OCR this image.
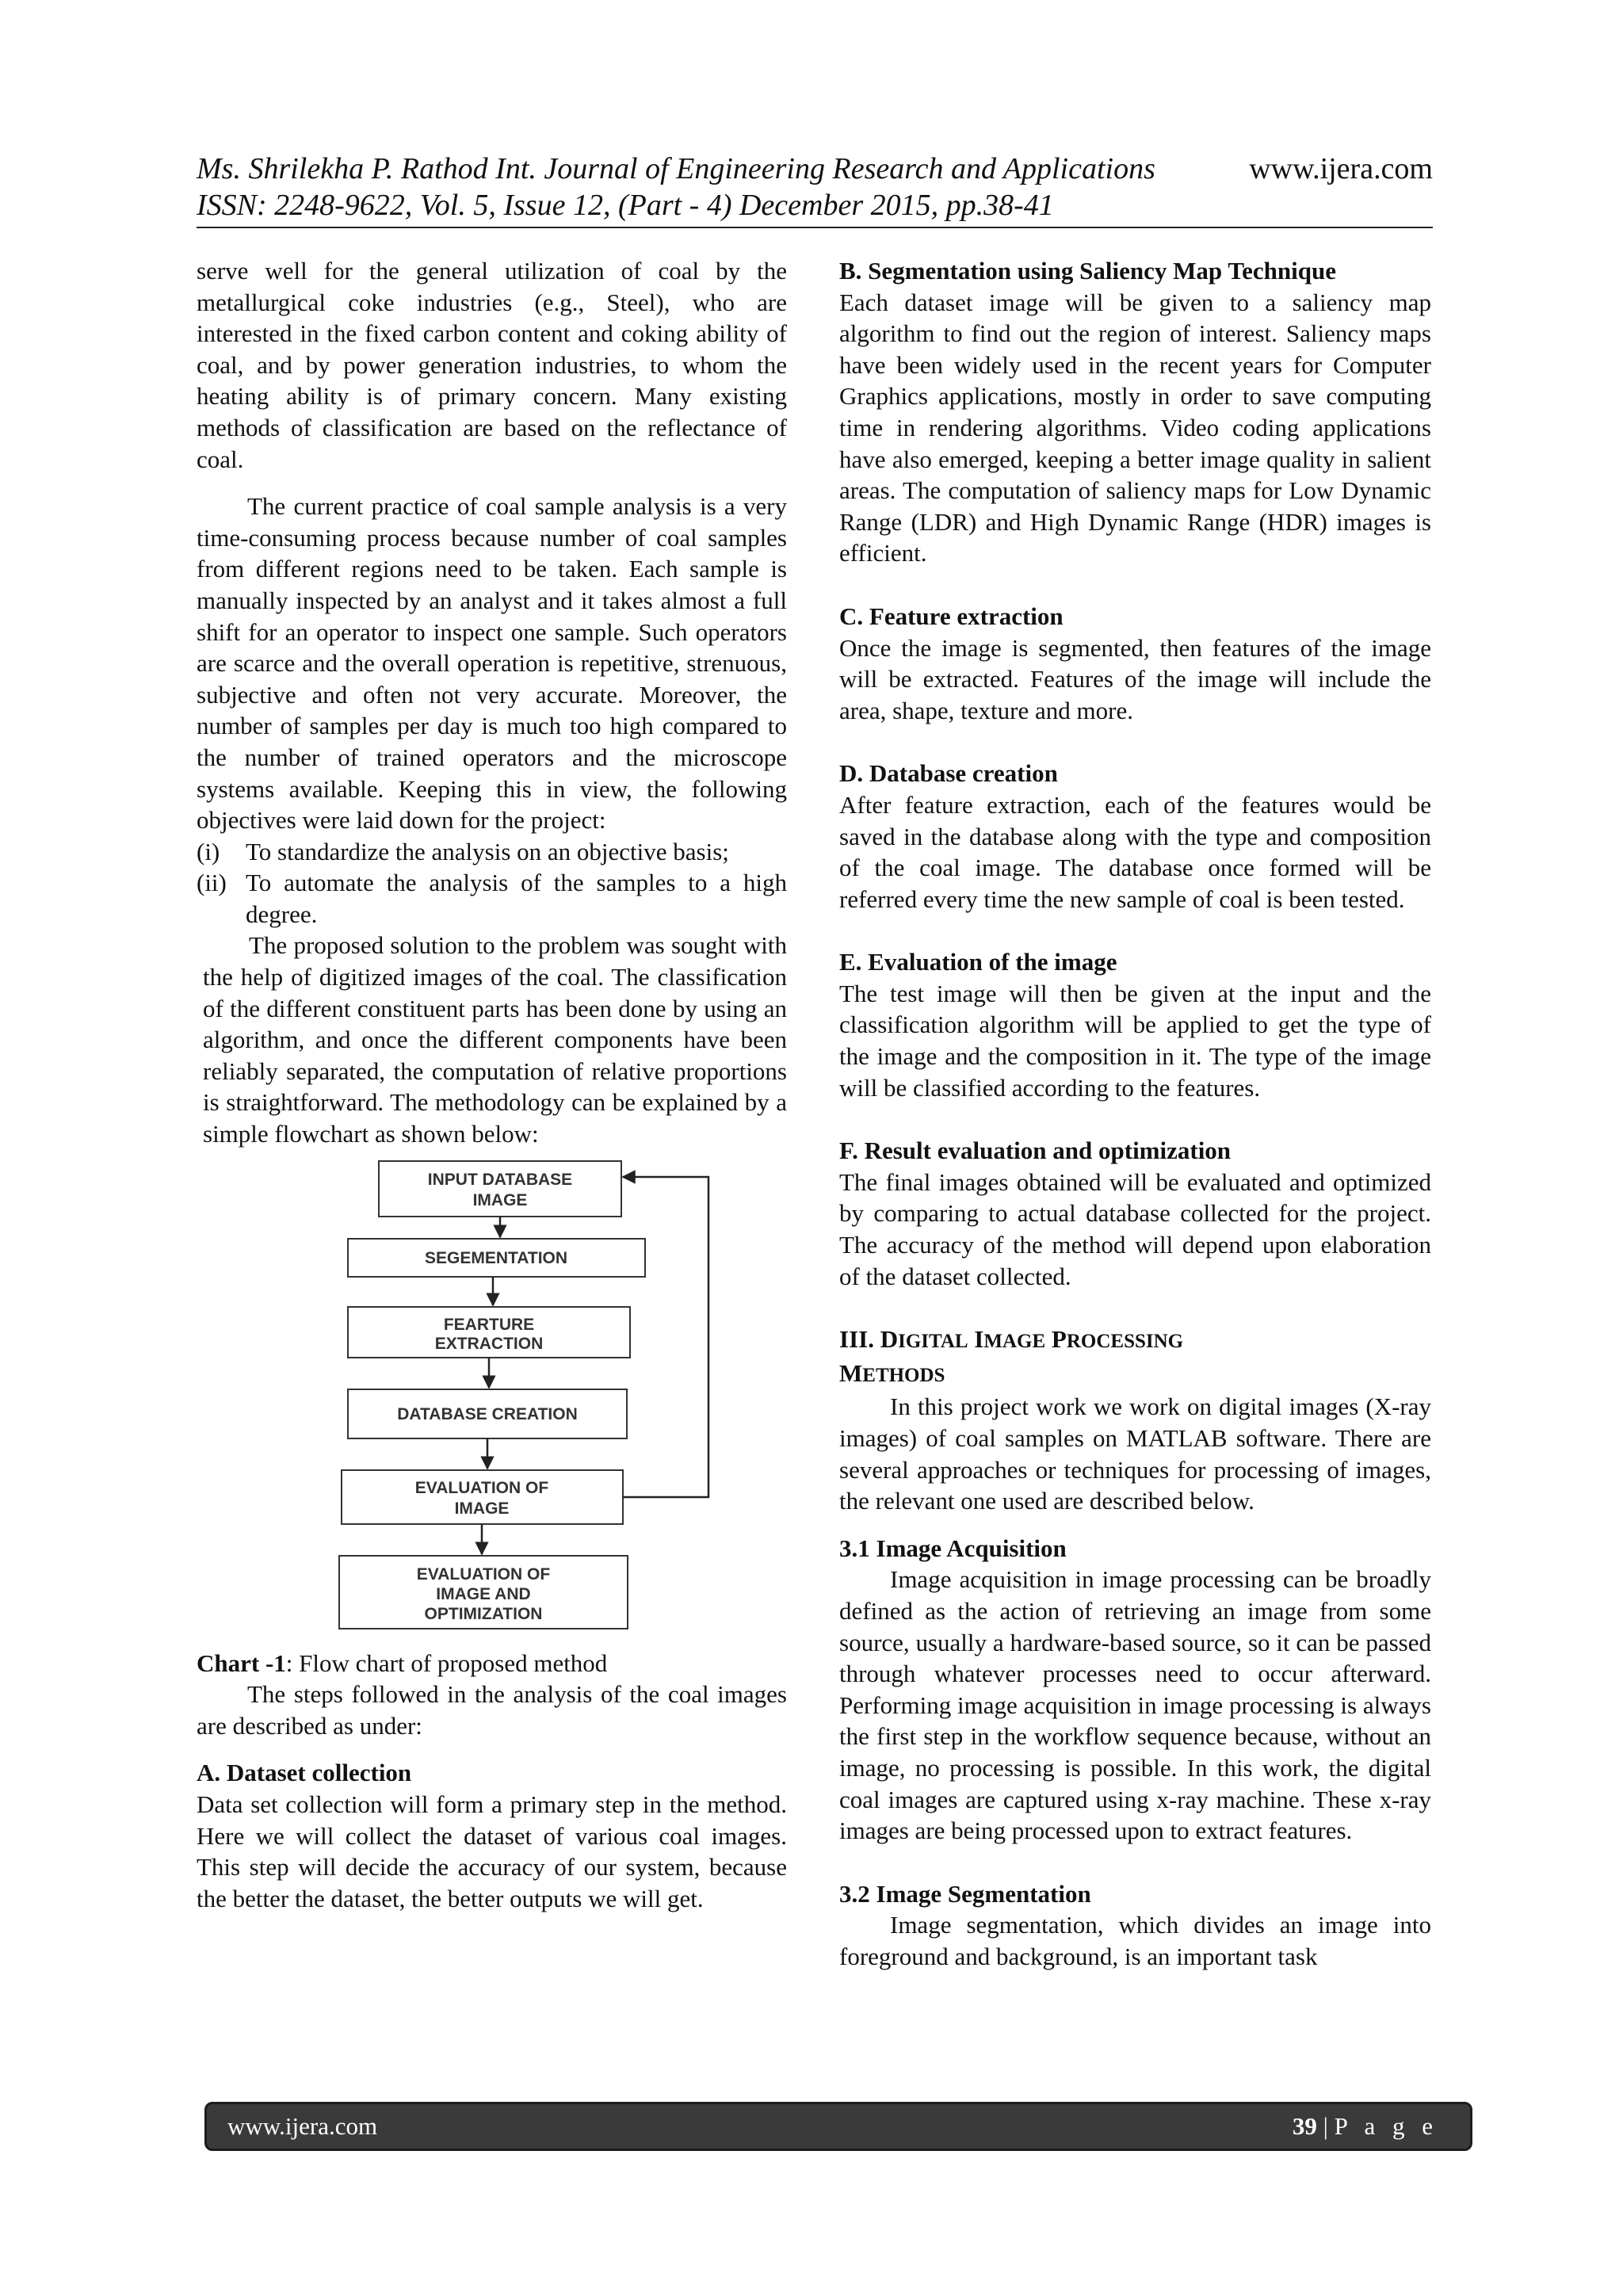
Ms. Shrilekha P. Rathod Int. Journal of Engineering Research and Applications	www.ijera.com
ISSN: 2248-9622, Vol. 5, Issue 12, (Part - 4) December 2015, pp.38-41

serve well for the general utilization of coal by the metallurgical coke industries (e.g., Steel), who are interested in the fixed carbon content and coking ability of coal, and by power generation industries, to whom the heating ability is of primary concern. Many existing methods of classification are based on the reflectance of coal.

The current practice of coal sample analysis is a very time-consuming process because number of coal samples from different regions need to be taken. Each sample is manually inspected by an analyst and it takes almost a full shift for an operator to inspect one sample. Such operators are scarce and the overall operation is repetitive, strenuous, subjective and often not very accurate. Moreover, the number of samples per day is much too high compared to the number of trained operators and the microscope systems available. Keeping this in view, the following objectives were laid down for the project:

(i)	To standardize the analysis on an objective basis;
(ii) To automate the analysis of the samples to a high degree.

The proposed solution to the problem was sought with the help of digitized images of the coal. The classification of the different constituent parts has been done by using an algorithm, and once the different components have been reliably separated, the computation of relative proportions is straightforward. The methodology can be explained by a simple flowchart as shown below:

INPUT DATABASE
IMAGE
SEGEMENTATION
FEARTURE
EXTRACTION
DATABASE CREATION
EVALUATION OF
IMAGE
EVALUATION OF
IMAGE AND
OPTIMIZATION

Chart -1: Flow chart of proposed method

The steps followed in the analysis of the coal images are described as under:

A. Dataset collection

Data set collection will form a primary step in the method. Here we will collect the dataset of various coal images. This step will decide the accuracy of our system, because the better the dataset, the better outputs we will get.

B. Segmentation using Saliency Map Technique

Each dataset image will be given to a saliency map algorithm to find out the region of interest. Saliency maps have been widely used in the recent years for Computer Graphics applications, mostly in order to save computing time in rendering algorithms. Video coding applications have also emerged, keeping a better image quality in salient areas. The computation of saliency maps for Low Dynamic Range (LDR) and High Dynamic Range (HDR) images is efficient.

C. Feature extraction

Once the image is segmented, then features of the image will be extracted. Features of the image will include the area, shape, texture and more.

D. Database creation

After feature extraction, each of the features would be saved in the database along with the type and composition of the coal image. The database once formed will be referred every time the new sample of coal is been tested.

E. Evaluation of the image

The test image will then be given at the input and the classification algorithm will be applied to get the type of the image and the composition in it. The type of the image will be classified according to the features.

F. Result evaluation and optimization

The final images obtained will be evaluated and optimized by comparing to actual database collected for the project. The accuracy of the method will depend upon elaboration of the dataset collected.

III. DIGITAL IMAGE PROCESSING
METHODS

In this project work we work on digital images (X-ray images) of coal samples on MATLAB software. There are several approaches or techniques for processing of images, the relevant one used are described below.

3.1 Image Acquisition

Image acquisition in image processing can be broadly defined as the action of retrieving an image from some source, usually a hardware-based source, so it can be passed through whatever processes need to occur afterward. Performing image acquisition in image processing is always the first step in the workflow sequence because, without an image, no processing is possible. In this work, the digital coal images are captured using x-ray machine. These x-ray images are being processed upon to extract features.

3.2 Image Segmentation

Image segmentation, which divides an image into foreground and background, is an important task

www.ijera.com	39 | P a g e
